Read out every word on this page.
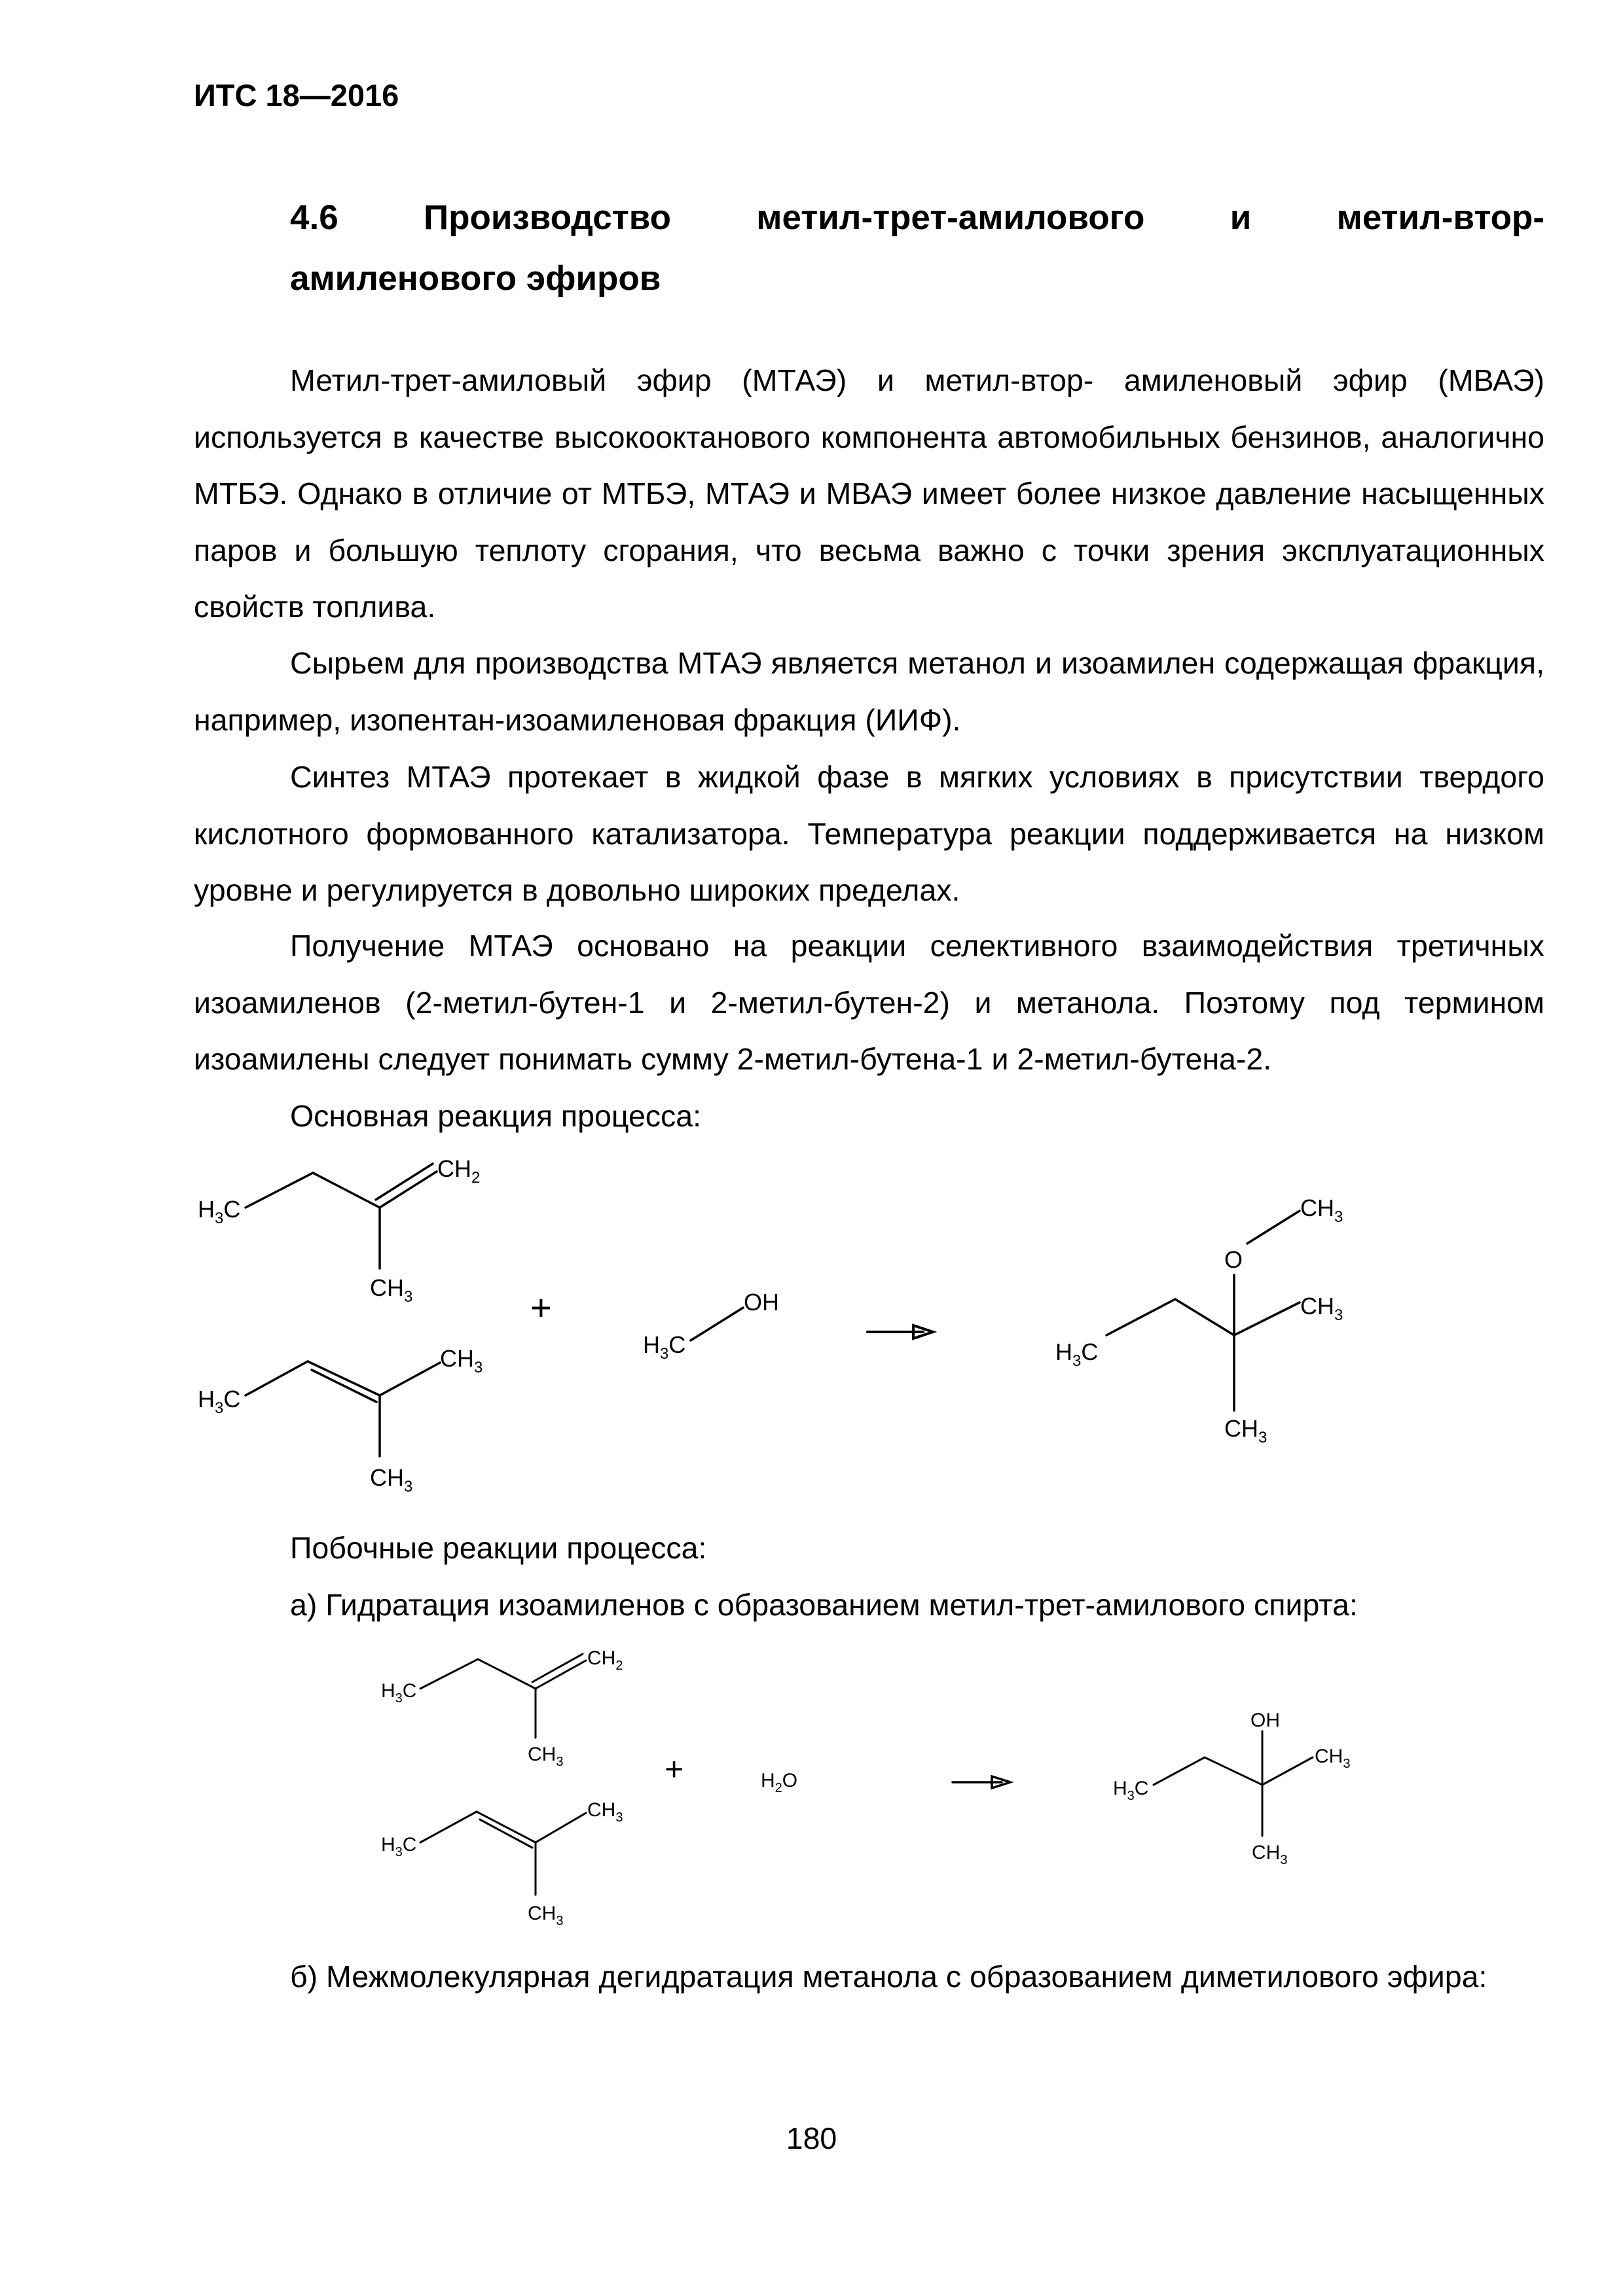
ИТС 18—2016
4.6 Производство метил-трет-амилового и метил-втор-
амиленового эфиров

Метил-трет-амиловый эфир (МТАЭ) и метил-втор- амиленовый эфир (МВАЭ) используется в качестве высокооктанового компонента автомобильных бензинов, аналогично МТБЭ. Однако в отличие от МТБЭ, МТАЭ и МВАЭ имеет более низкое давление насыщенных паров и большую теплоту сгорания, что весьма важно с точки зрения эксплуатационных свойств топлива.

Сырьем для производства МТАЭ является метанол и изоамилен содержащая фракция, например, изопентан-изоамиленовая фракция (ИИФ).

Синтез МТАЭ протекает в жидкой фазе в мягких условиях в присутствии твердого кислотного формованного катализатора. Температура реакции поддерживается на низком уровне и регулируется в довольно широких пределах.

Получение МТАЭ основано на реакции селективного взаимодействия третичных изоамиленов (2-метил-бутен-1 и 2-метил-бутен-2) и метанола. Поэтому под термином изоамилены следует понимать сумму 2-метил-бутена-1 и 2-метил-бутена-2.

Основная реакция процесса:
$H_3C$
$CH_2$
$CH_3$	+
$H_3C$
$CH_3$
$CH_3$
$H_3C$
OH
O
$CH_3$
$CH_3$
$H_3C$
$CH_3$
Побочные реакции процесса:
а) Гидратация изоамиленов с образованием метил-трет-амилового спирта:
$H_3C$
$CH_2$
$CH_3$	+	$H_2O$
$H_3C$
$CH_3$
$CH_3$
$H_3C$
OH
$CH_3$
$CH_3$

б) Межмолекулярная дегидратация метанола с образованием диметилового эфира:

180
